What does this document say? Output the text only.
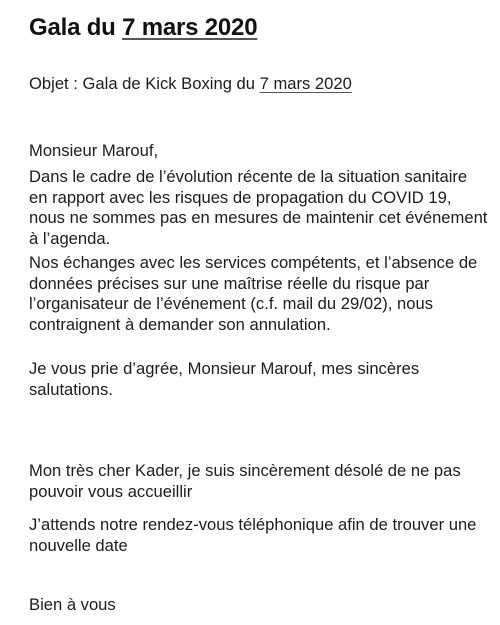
Gala du 7 mars 2020
Objet : Gala de Kick Boxing du 7 mars 2020
Monsieur Marouf,
Dans le cadre de l’évolution récente de la situation sanitaire en rapport avec les risques de propagation du COVID 19, nous ne sommes pas en mesures de maintenir cet événement à l’agenda.
Nos échanges avec les services compétents, et l’absence de données précises sur une maîtrise réelle du risque par l’organisateur de l’événement (c.f. mail du 29/02), nous contraignent à demander son annulation.
Je vous prie d’agrée, Monsieur Marouf, mes sincères salutations.
Mon très cher Kader, je suis sincèrement désolé de ne pas pouvoir vous accueillir
J’attends notre rendez-vous téléphonique afin de trouver une nouvelle date
Bien à vous
